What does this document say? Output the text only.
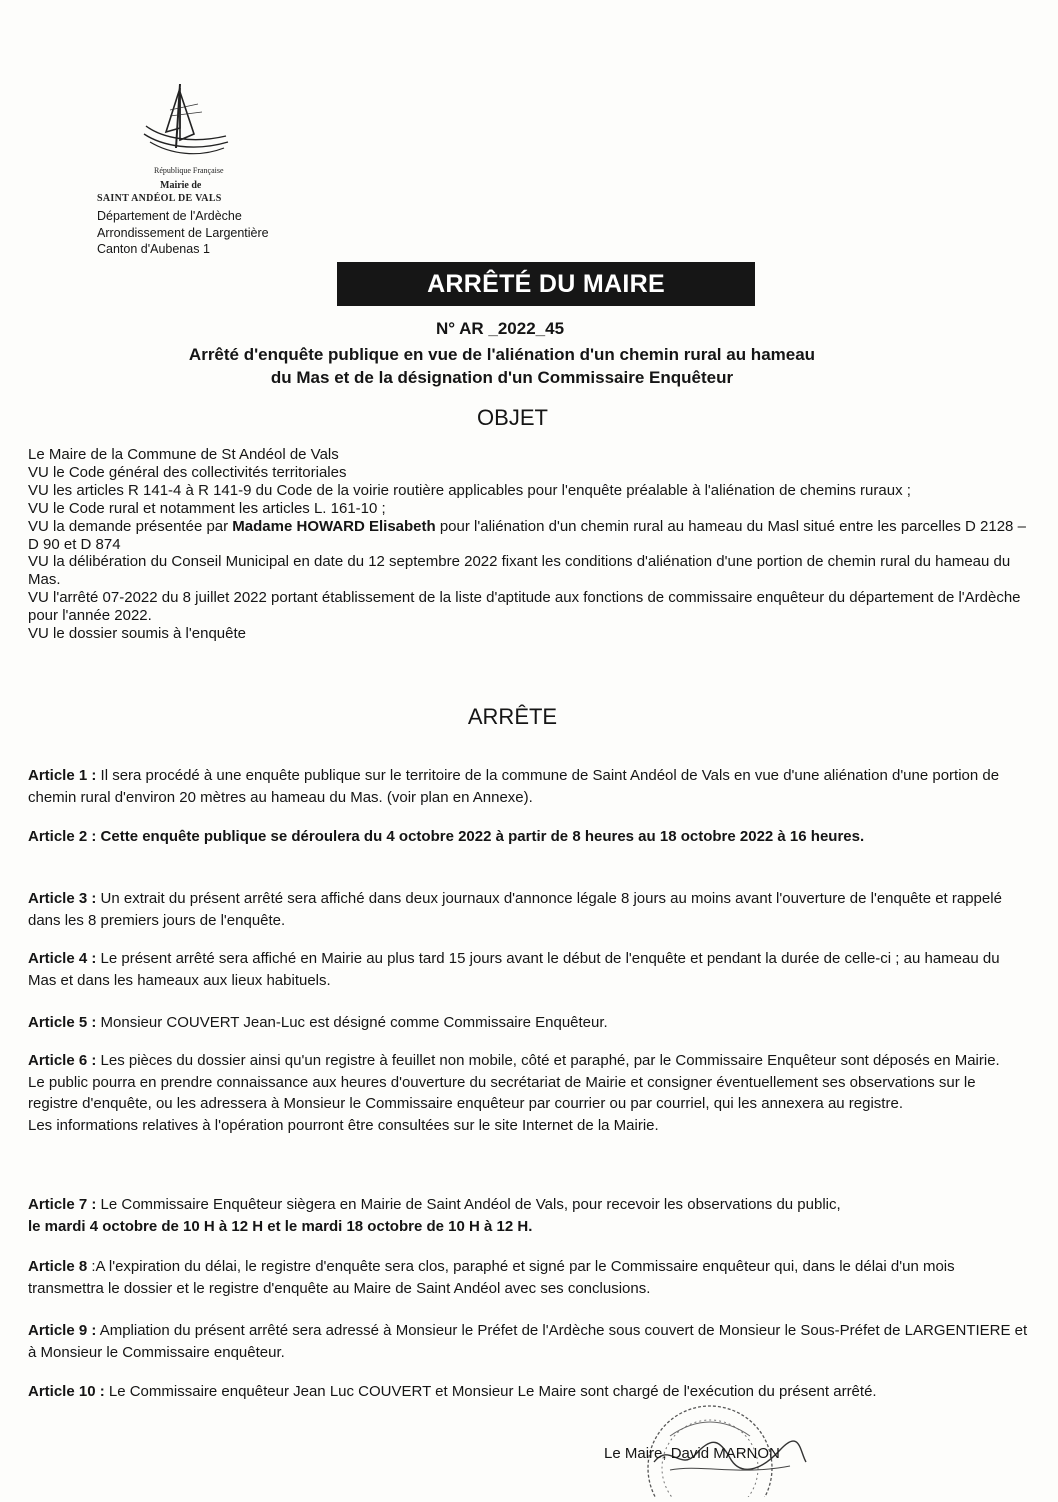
République Française
Mairie de
SAINT ANDÉOL DE VALS
Département de l'Ardèche
Arrondissement de Largentière
Canton d'Aubenas 1
ARRÊTÉ DU MAIRE
N° AR _2022_45
Arrêté d'enquête publique en vue de l'aliénation d'un chemin rural au hameau
du Mas et de la désignation d'un Commissaire Enquêteur
OBJET

Le Maire de la Commune de St Andéol de Vals

VU le Code général des collectivités territoriales

VU les articles R 141-4 à R 141-9 du Code de la voirie routière applicables pour l'enquête préalable à l'aliénation de chemins ruraux ;

VU le Code rural et notamment les articles L. 161-10 ;

VU la demande présentée par Madame HOWARD Elisabeth pour l'aliénation d'un chemin rural au hameau du Masl situé entre les parcelles D 2128 – D 90 et D 874

VU la délibération du Conseil Municipal en date du 12 septembre 2022 fixant les conditions d'aliénation d'une portion de chemin rural du hameau du Mas.

VU l'arrêté 07-2022 du 8 juillet 2022 portant établissement de la liste d'aptitude aux fonctions de commissaire enquêteur du département de l'Ardèche pour l'année 2022.

VU le dossier soumis à l'enquête

ARRÊTE

Article 1 : Il sera procédé à une enquête publique sur le territoire de la commune de Saint Andéol de Vals en vue d'une aliénation d'une portion de chemin rural d'environ 20 mètres au hameau du Mas. (voir plan en Annexe).

Article 2 : Cette enquête publique se déroulera du 4 octobre 2022 à partir de 8 heures au 18 octobre 2022 à 16 heures.

Article 3 : Un extrait du présent arrêté sera affiché dans deux journaux d'annonce légale 8 jours au moins avant l'ouverture de l'enquête et rappelé dans les 8 premiers jours de l'enquête.

Article 4 : Le présent arrêté sera affiché en Mairie au plus tard 15 jours avant le début de l'enquête et pendant la durée de celle-ci ; au hameau du Mas et dans les hameaux aux lieux habituels.

Article 5 : Monsieur COUVERT Jean-Luc est désigné comme Commissaire Enquêteur.

Article 6 : Les pièces du dossier ainsi qu'un registre à feuillet non mobile, côté et paraphé, par le Commissaire Enquêteur sont déposés en Mairie.

Le public pourra en prendre connaissance aux heures d'ouverture du secrétariat de Mairie et consigner éventuellement ses observations sur le registre d'enquête, ou les adressera à Monsieur le Commissaire enquêteur par courrier ou par courriel, qui les annexera au registre.

Les informations relatives à l'opération pourront être consultées sur le site Internet de la Mairie.

Article 7 : Le Commissaire Enquêteur siègera en Mairie de Saint Andéol de Vals, pour recevoir les observations du public,

le mardi 4 octobre de 10 H à 12 H et le mardi 18 octobre de 10 H à 12 H.

Article 8 :A l'expiration du délai, le registre d'enquête sera clos, paraphé et signé par le Commissaire enquêteur qui, dans le délai d'un mois transmettra le dossier et le registre d'enquête au Maire de Saint Andéol avec ses conclusions.

Article 9 : Ampliation du présent arrêté sera adressé à Monsieur le Préfet de l'Ardèche sous couvert de Monsieur le Sous-Préfet de LARGENTIERE et à Monsieur le Commissaire enquêteur.

Article 10 : Le Commissaire enquêteur Jean Luc COUVERT et Monsieur Le Maire sont chargé de l'exécution du présent arrêté.

Le Maire, David MARNON
